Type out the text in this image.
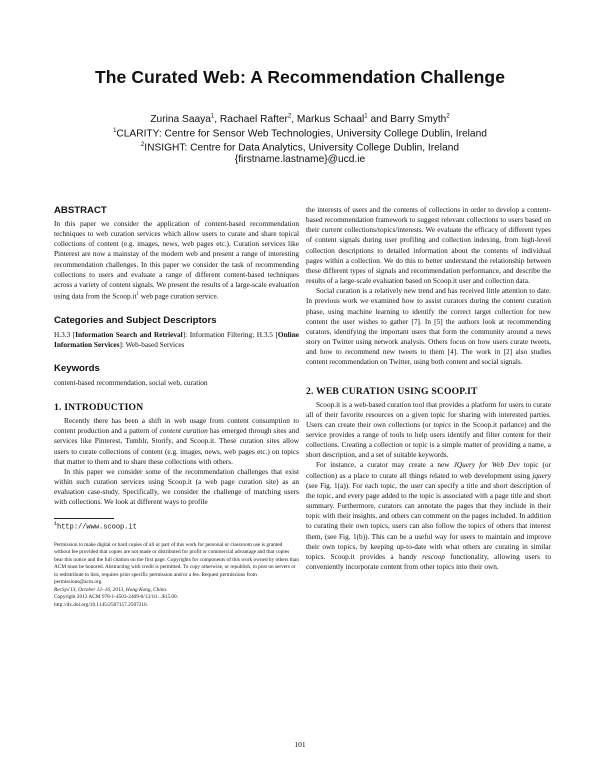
The Curated Web: A Recommendation Challenge
Zurina Saaya$^1$, Rachael Rafter$^2$, Markus Schaal$^1$ and Barry Smyth$^2$
$^1$CLARITY: Centre for Sensor Web Technologies, University College Dublin, Ireland
$^2$INSIGHT: Centre for Data Analytics, University College Dublin, Ireland
{firstname.lastname}@ucd.ie
ABSTRACT

In this paper we consider the application of content-based recommendation techniques to web curation services which allow users to curate and share topical collections of content (e.g. images, news, web pages etc.). Curation services like Pinterest are now a mainstay of the modern web and present a range of interesting recommendation challenges. In this paper we consider the task of recommending collections to users and evaluate a range of different content-based techniques across a variety of content signals. We present the results of a large-scale evaluation using data from the $Scoop.it^1$ web page curation service.

Categories and Subject Descriptors

H.3.3 [Information Search and Retrieval]: Information Filtering; H.3.5 [Online Information Services]: Web-based Services

Keywords

content-based recommendation, social web, curation

1. INTRODUCTION

Recently there has been a shift in web usage from content consumption to content production and a pattern of content curation has emerged through sites and services like Pinterest, Tumblr, Storify, and Scoop.it. These curation sites allow users to curate collections of content (e.g. images, news, web pages etc.) on topics that matter to them and to share these collections with others.

In this paper we consider some of the recommendation challenges that exist within such curation services using Scoop.it (a web page curation site) as an evaluation case-study. Specifically, we consider the challenge of matching users with collections. We look at different ways to profile

$^1$http://www.scoop.it
Permission to make digital or hard copies of all or part of this work for personal or classroom use is granted without fee provided that copies are not made or distributed for profit or commercial advantage and that copies bear this notice and the full citation on the first page. Copyrights for components of this work owned by others than ACM must be honored. Abstracting with credit is permitted. To copy otherwise, or republish, to post on servers or to redistribute to lists, requires prior specific permission and/or a fee. Request permissions from permissions@acm.org.
RecSys'13, October 12–16, 2013, Hong Kong, China.
Copyright 2013 ACM 978-1-4503-2409-0/13/10 ...$15.00.
http://dx.doi.org/10.1145/2507157.2507216.

the interests of users and the contents of collections in order to develop a content-based recommendation framework to suggest relevant collections to users based on their current collections/topics/interests. We evaluate the efficacy of different types of content signals during user profiling and collection indexing, from high-level collection descriptions to detailed information about the contents of individual pages within a collection. We do this to better understand the relationship between these different types of signals and recommendation performance, and describe the results of a large-scale evaluation based on Scoop.it user and collection data.

Social curation is a relatively new trend and has received little attention to date. In previous work we examined how to assist curators during the content curation phase, using machine learning to identify the correct target collection for new content the user wishes to gather [7]. In [5] the authors look at recommending curators, identifying the important users that form the community around a news story on Twitter using network analysis. Others focus on how users curate tweets, and how to recommend new tweets to them [4]. The work in [2] also studies content recommendation on Twitter, using both content and social signals.

2. WEB CURATION USING SCOOP.IT

Scoop.it is a web-based curation tool that provides a platform for users to curate all of their favorite resources on a given topic for sharing with interested parties. Users can create their own collections (or topics in the Scoop.it parlance) and the service provides a range of tools to help users identify and filter content for their collections. Creating a collection or topic is a simple matter of providing a name, a short description, and a set of suitable keywords.

For instance, a curator may create a new JQuery for Web Dev topic (or collection) as a place to curate all things related to web development using jquery (see Fig. 1(a)). For each topic, the user can specify a title and short description of the topic, and every page added to the topic is associated with a page title and short summary. Furthermore, curators can annotate the pages that they include in their topic with their insights, and others can comment on the pages included. In addition to curating their own topics, users can also follow the topics of others that interest them, (see Fig. 1(b)). This can be a useful way for users to maintain and improve their own topics, by keeping up-to-date with what others are curating in similar topics. Scoop.it provides a handy rescoop functionality, allowing users to conveniently incorporate content from other topics into their own.

101
